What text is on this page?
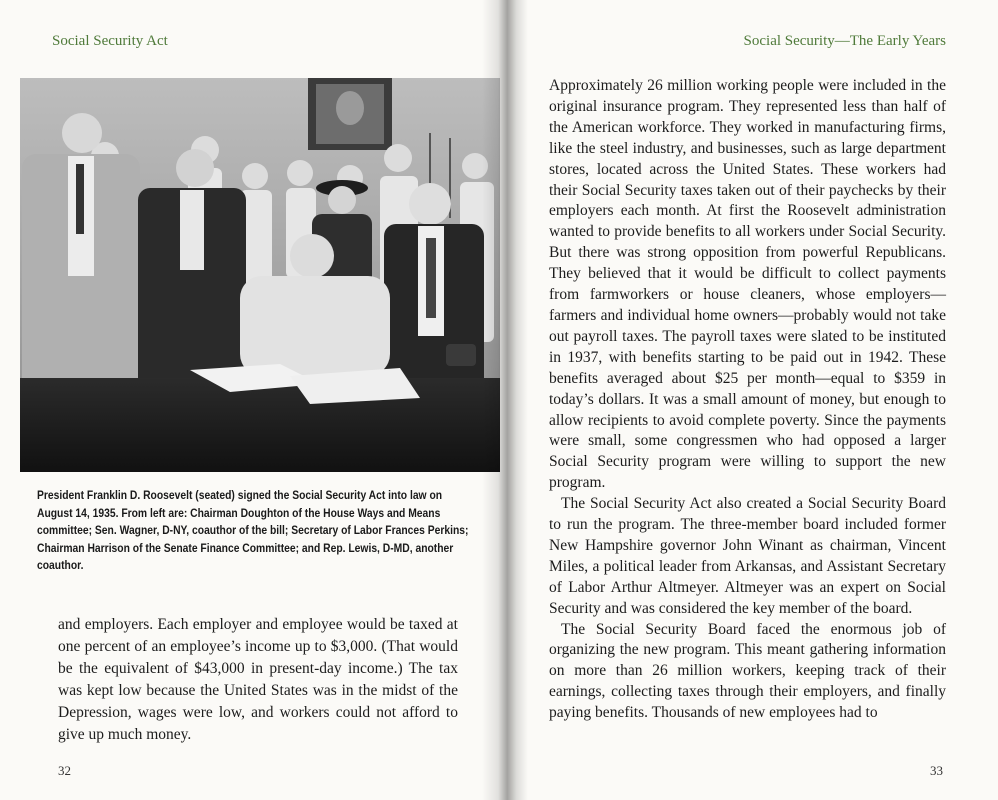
Social Security Act
President Franklin D. Roosevelt (seated) signed the Social Security Act into law on August 14, 1935. From left are: Chairman Doughton of the House Ways and Means committee; Sen. Wagner, D-NY, coauthor of the bill; Secretary of Labor Frances Perkins; Chairman Harrison of the Senate Finance Committee; and Rep. Lewis, D-MD, another coauthor.

and employers. Each employer and employee would be taxed at one percent of an employee’s income up to $3,000. (That would be the equivalent of $43,000 in present-day income.) The tax was kept low because the United States was in the midst of the Depression, wages were low, and workers could not afford to give up much money.

32
Social Security—The Early Years

Approximately 26 million working people were included in the original insurance program. They represented less than half of the American workforce. They worked in manufacturing firms, like the steel industry, and businesses, such as large department stores, located across the United States. These workers had their Social Security taxes taken out of their paychecks by their employers each month. At first the Roosevelt administration wanted to provide benefits to all workers under Social Security. But there was strong opposition from powerful Republicans. They believed that it would be difficult to collect payments from farmworkers or house cleaners, whose employers—farmers and individual home owners—probably would not take out payroll taxes. The payroll taxes were slated to be instituted in 1937, with benefits starting to be paid out in 1942. These benefits averaged about $25 per month—equal to $359 in today’s dollars. It was a small amount of money, but enough to allow recipients to avoid complete poverty. Since the payments were small, some congressmen who had opposed a larger Social Security program were willing to support the new program.

The Social Security Act also created a Social Security Board to run the program. The three-member board included former New Hampshire governor John Winant as chairman, Vincent Miles, a political leader from Arkansas, and Assistant Secretary of Labor Arthur Altmeyer. Altmeyer was an expert on Social Security and was considered the key member of the board.

The Social Security Board faced the enormous job of organizing the new program. This meant gathering information on more than 26 million workers, keeping track of their earnings, collecting taxes through their employers, and finally paying benefits. Thousands of new employees had to

33
